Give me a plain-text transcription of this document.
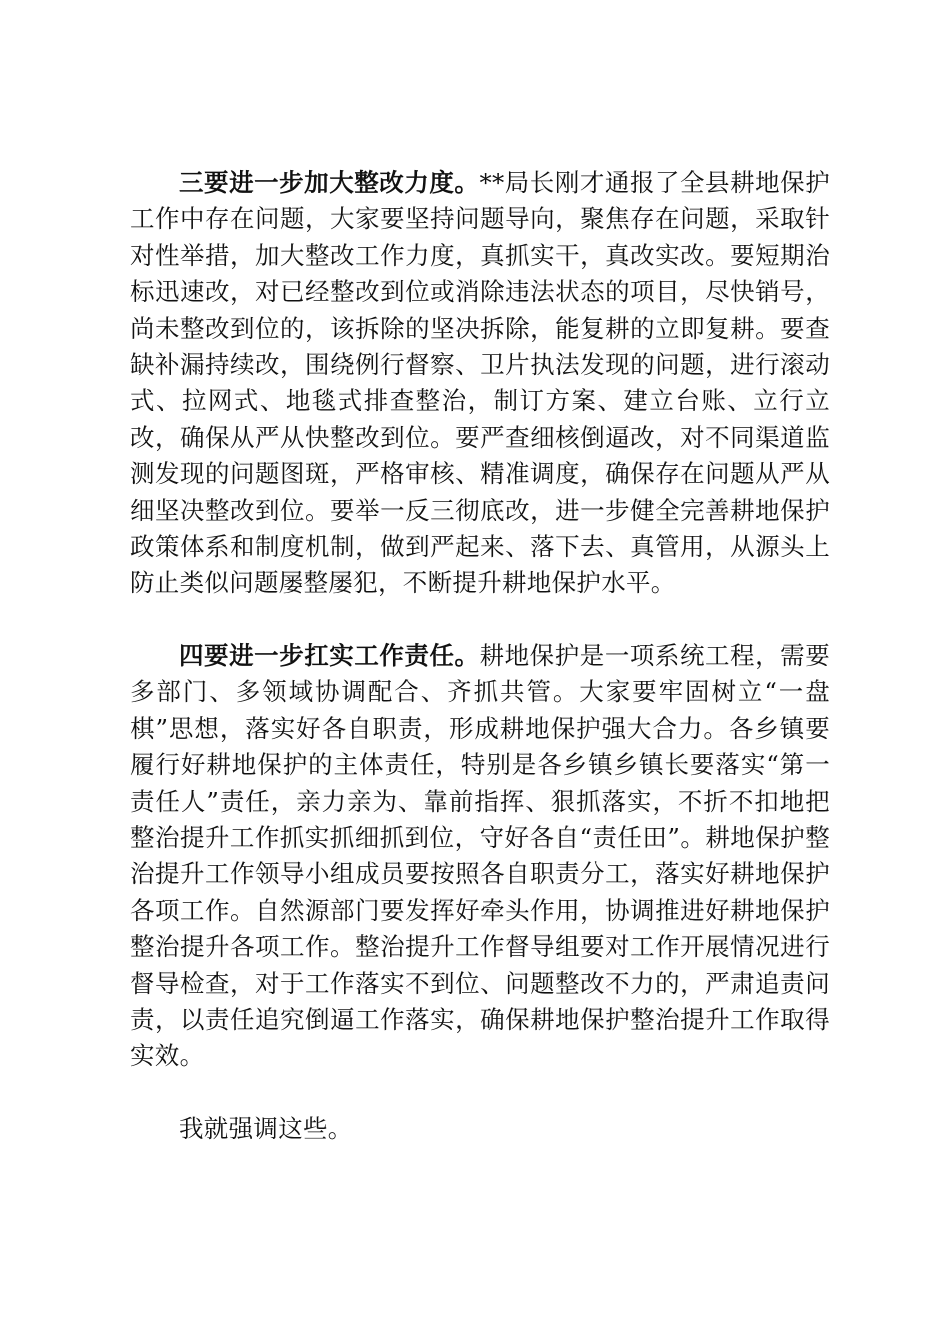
三要进一步加大整改力度。**局长刚才通报了全县耕地保护工作中存在问题，大家要坚持问题导向，聚焦存在问题，采取针对性举措，加大整改工作力度，真抓实干，真改实改。要短期治标迅速改，对已经整改到位或消除违法状态的项目，尽快销号，尚未整改到位的，该拆除的坚决拆除，能复耕的立即复耕。要查缺补漏持续改，围绕例行督察、卫片执法发现的问题，进行滚动式、拉网式、地毯式排查整治，制订方案、建立台账、立行立改，确保从严从快整改到位。要严查细核倒逼改，对不同渠道监测发现的问题图斑，严格审核、精准调度，确保存在问题从严从细坚决整改到位。要举一反三彻底改，进一步健全完善耕地保护政策体系和制度机制，做到严起来、落下去、真管用，从源头上防止类似问题屡整屡犯，不断提升耕地保护水平。

四要进一步扛实工作责任。耕地保护是一项系统工程，需要多部门、多领域协调配合、齐抓共管。大家要牢固树立“一盘棋”思想，落实好各自职责，形成耕地保护强大合力。各乡镇要履行好耕地保护的主体责任，特别是各乡镇乡镇长要落实“第一责任人”责任，亲力亲为、靠前指挥、狠抓落实，不折不扣地把整治提升工作抓实抓细抓到位，守好各自“责任田”。耕地保护整治提升工作领导小组成员要按照各自职责分工，落实好耕地保护各项工作。自然源部门要发挥好牵头作用，协调推进好耕地保护整治提升各项工作。整治提升工作督导组要对工作开展情况进行督导检查，对于工作落实不到位、问题整改不力的，严肃追责问责，以责任追究倒逼工作落实，确保耕地保护整治提升工作取得实效。

我就强调这些。
